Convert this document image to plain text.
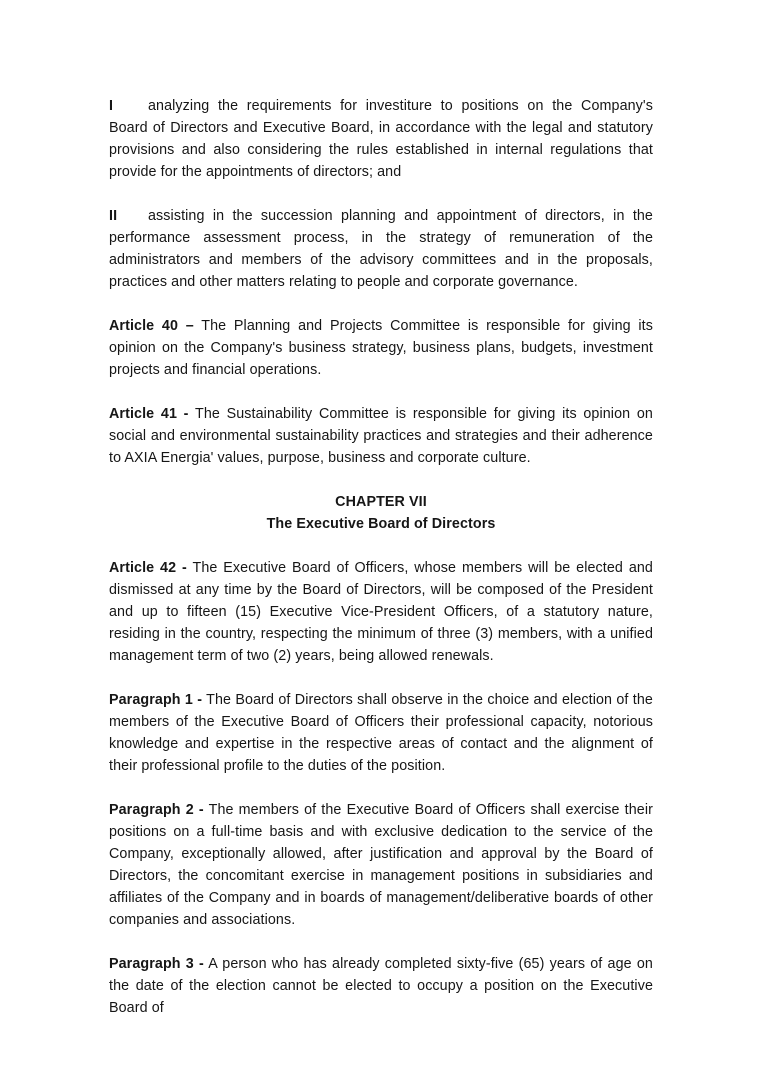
I analyzing the requirements for investiture to positions on the Company's Board of Directors and Executive Board, in accordance with the legal and statutory provisions and also considering the rules established in internal regulations that provide for the appointments of directors; and

II assisting in the succession planning and appointment of directors, in the performance assessment process, in the strategy of remuneration of the administrators and members of the advisory committees and in the proposals, practices and other matters relating to people and corporate governance.

Article 40 – The Planning and Projects Committee is responsible for giving its opinion on the Company's business strategy, business plans, budgets, investment projects and financial operations.

Article 41 - The Sustainability Committee is responsible for giving its opinion on social and environmental sustainability practices and strategies and their adherence to AXIA Energia' values, purpose, business and corporate culture.

CHAPTER VII
The Executive Board of Directors

Article 42 - The Executive Board of Officers, whose members will be elected and dismissed at any time by the Board of Directors, will be composed of the President and up to fifteen (15) Executive Vice-President Officers, of a statutory nature, residing in the country, respecting the minimum of three (3) members, with a unified management term of two (2) years, being allowed renewals.

Paragraph 1 - The Board of Directors shall observe in the choice and election of the members of the Executive Board of Officers their professional capacity, notorious knowledge and expertise in the respective areas of contact and the alignment of their professional profile to the duties of the position.

Paragraph 2 - The members of the Executive Board of Officers shall exercise their positions on a full-time basis and with exclusive dedication to the service of the Company, exceptionally allowed, after justification and approval by the Board of Directors, the concomitant exercise in management positions in subsidiaries and affiliates of the Company and in boards of management/deliberative boards of other companies and associations.

Paragraph 3 - A person who has already completed sixty-five (65) years of age on the date of the election cannot be elected to occupy a position on the Executive Board of
